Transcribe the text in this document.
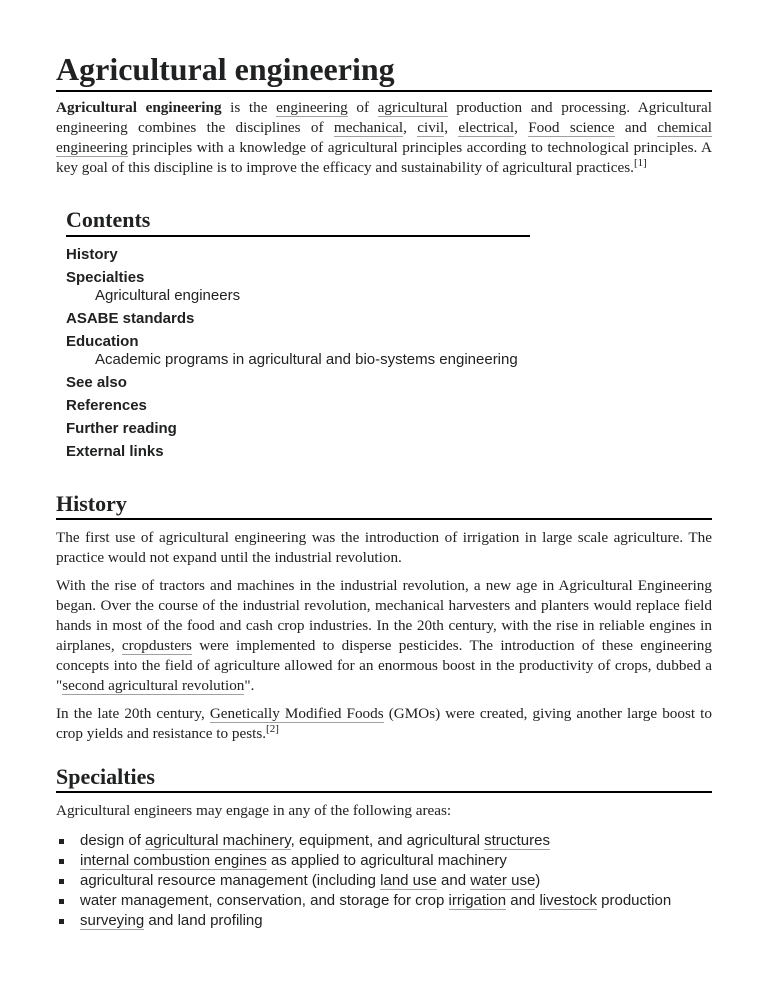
Agricultural engineering

Agricultural engineering is the engineering of agricultural production and processing. Agricultural engineering combines the disciplines of mechanical, civil, electrical, Food science and chemical engineering principles with a knowledge of agricultural principles according to technological principles. A key goal of this discipline is to improve the efficacy and sustainability of agricultural practices.[1]

Contents
History
Specialties
Agricultural engineers
ASABE standards
Education
Academic programs in agricultural and bio-systems engineering
See also
References
Further reading
External links
History

The first use of agricultural engineering was the introduction of irrigation in large scale agriculture. The practice would not expand until the industrial revolution.

With the rise of tractors and machines in the industrial revolution, a new age in Agricultural Engineering began. Over the course of the industrial revolution, mechanical harvesters and planters would replace field hands in most of the food and cash crop industries. In the 20th century, with the rise in reliable engines in airplanes, cropdusters were implemented to disperse pesticides. The introduction of these engineering concepts into the field of agriculture allowed for an enormous boost in the productivity of crops, dubbed a "second agricultural revolution".

In the late 20th century, Genetically Modified Foods (GMOs) were created, giving another large boost to crop yields and resistance to pests.[2]

Specialties

Agricultural engineers may engage in any of the following areas:

design of agricultural machinery, equipment, and agricultural structures
internal combustion engines as applied to agricultural machinery
agricultural resource management (including land use and water use)
water management, conservation, and storage for crop irrigation and livestock production
surveying and land profiling
